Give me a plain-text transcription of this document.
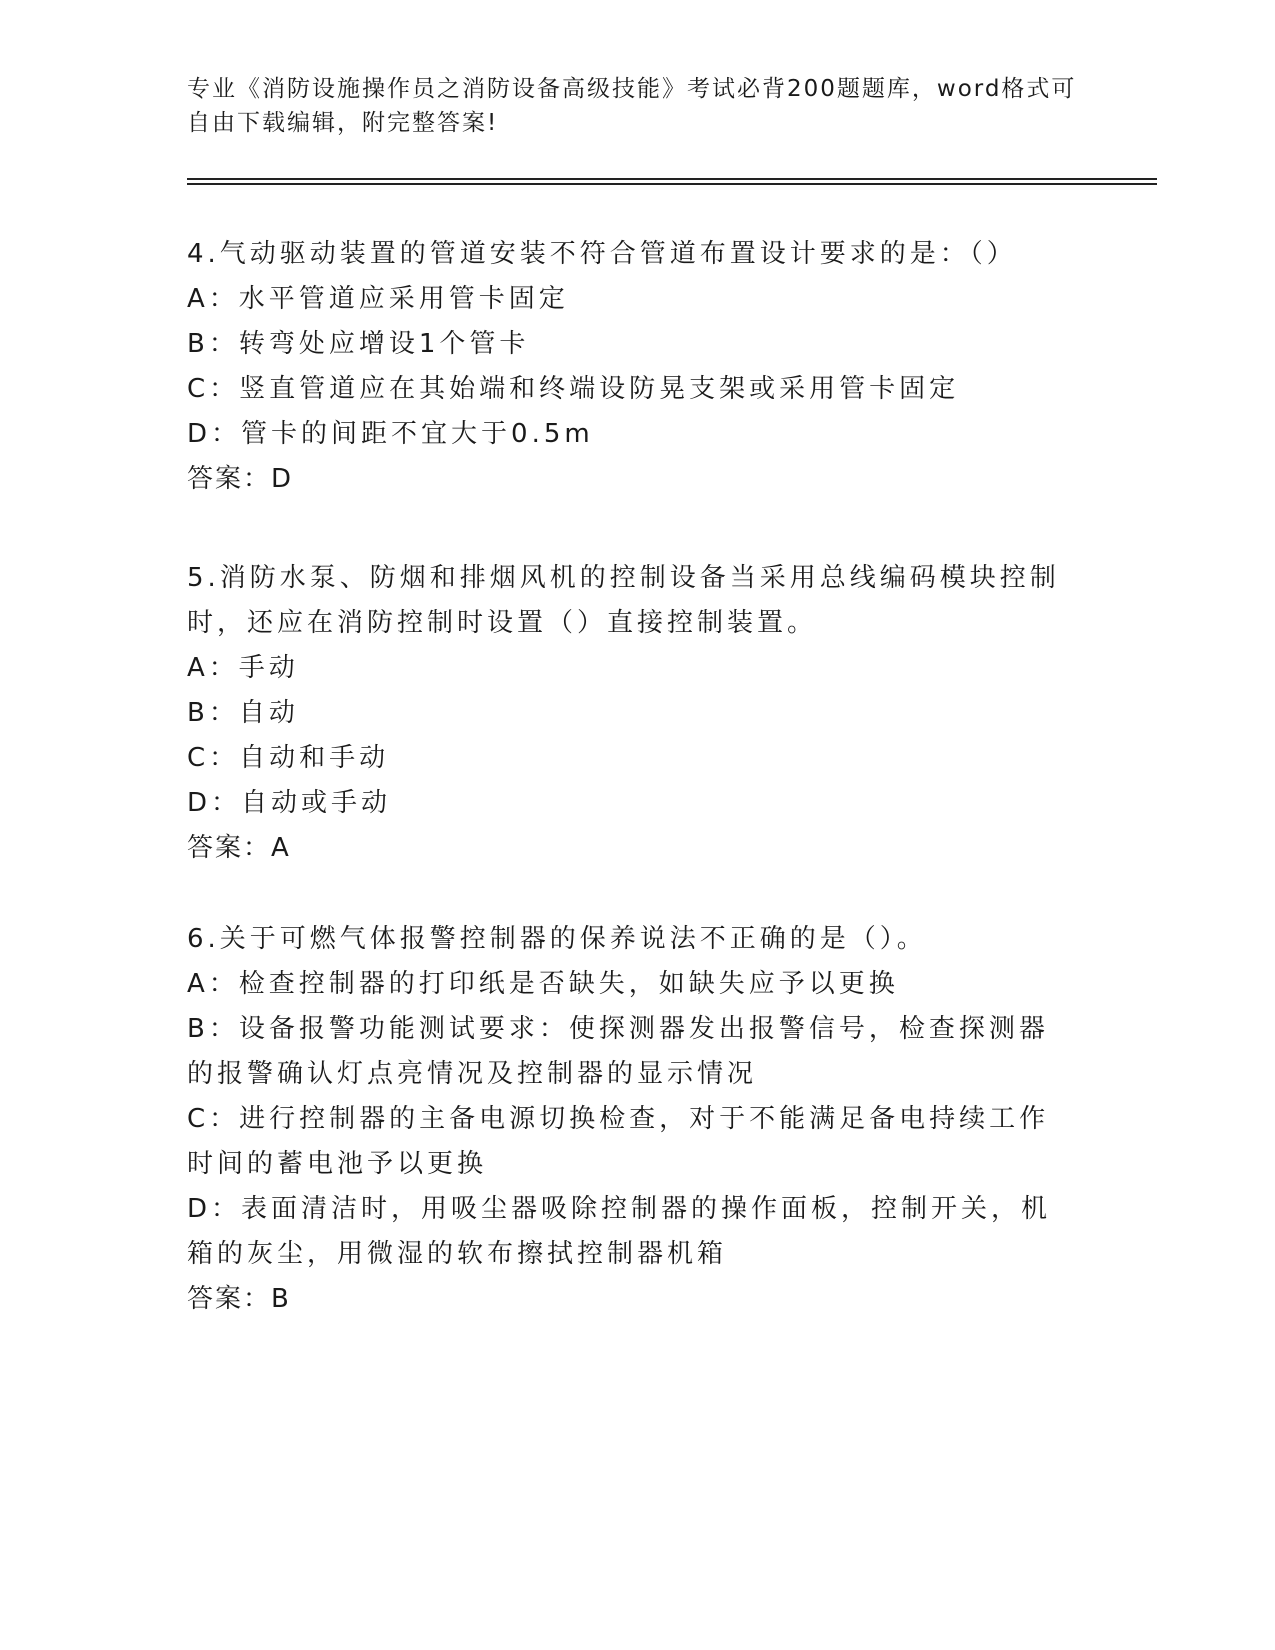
专业《消防设施操作员之消防设备高级技能》考试必背200题题库，word格式可自由下载编辑，附完整答案!

4.气动驱动装置的管道安装不符合管道布置设计要求的是：（）

A：水平管道应采用管卡固定

B：转弯处应增设1个管卡

C：竖直管道应在其始端和终端设防晃支架或采用管卡固定

D：管卡的间距不宜大于0.5m

答案：D

5.消防水泵、防烟和排烟风机的控制设备当采用总线编码模块控制时，还应在消防控制时设置（）直接控制装置。

A：手动

B：自动

C：自动和手动

D：自动或手动

答案：A

6.关于可燃气体报警控制器的保养说法不正确的是（）。

A：检查控制器的打印纸是否缺失，如缺失应予以更换

B：设备报警功能测试要求：使探测器发出报警信号，检查探测器的报警确认灯点亮情况及控制器的显示情况

C：进行控制器的主备电源切换检查，对于不能满足备电持续工作时间的蓄电池予以更换

D：表面清洁时，用吸尘器吸除控制器的操作面板，控制开关，机箱的灰尘，用微湿的软布擦拭控制器机箱

答案：B
